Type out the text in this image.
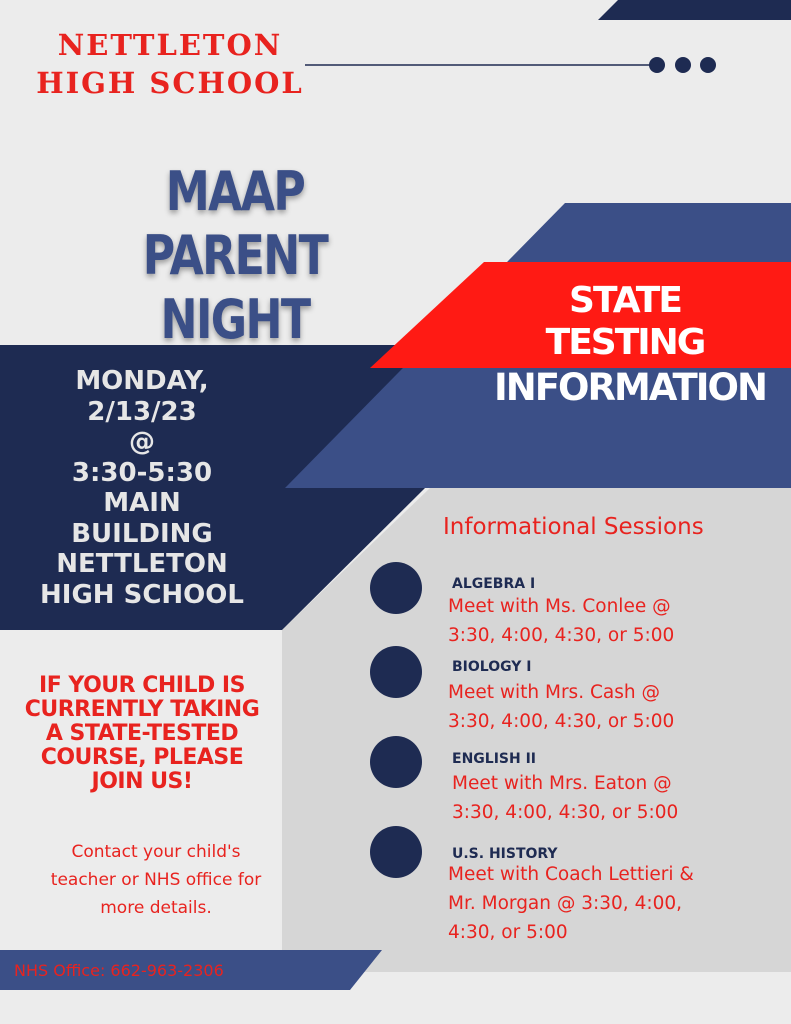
NETTLETON
HIGH SCHOOL
MAAP PARENT
NIGHT	STATE
TESTING
INFORMATION
MONDAY,
2/13/23
@
3:30-5:30
MAIN
BUILDING
NETTLETON
HIGH SCHOOL
IF YOUR CHILD IS
CURRENTLY TAKING
A STATE-TESTED
COURSE, PLEASE
JOIN US!
Contact your child's
teacher or NHS office for
more details.
NHS Office: 662-963-2306
Informational Sessions
ALGEBRA I
Meet with Ms. Conlee @
3:30, 4:00, 4:30, or 5:00
BIOLOGY I
Meet with Mrs. Cash @
3:30, 4:00, 4:30, or 5:00
ENGLISH II
Meet with Mrs. Eaton @
3:30, 4:00, 4:30, or 5:00
U.S. HISTORY
Meet with Coach Lettieri &
Mr. Morgan @ 3:30, 4:00,
4:30, or 5:00
